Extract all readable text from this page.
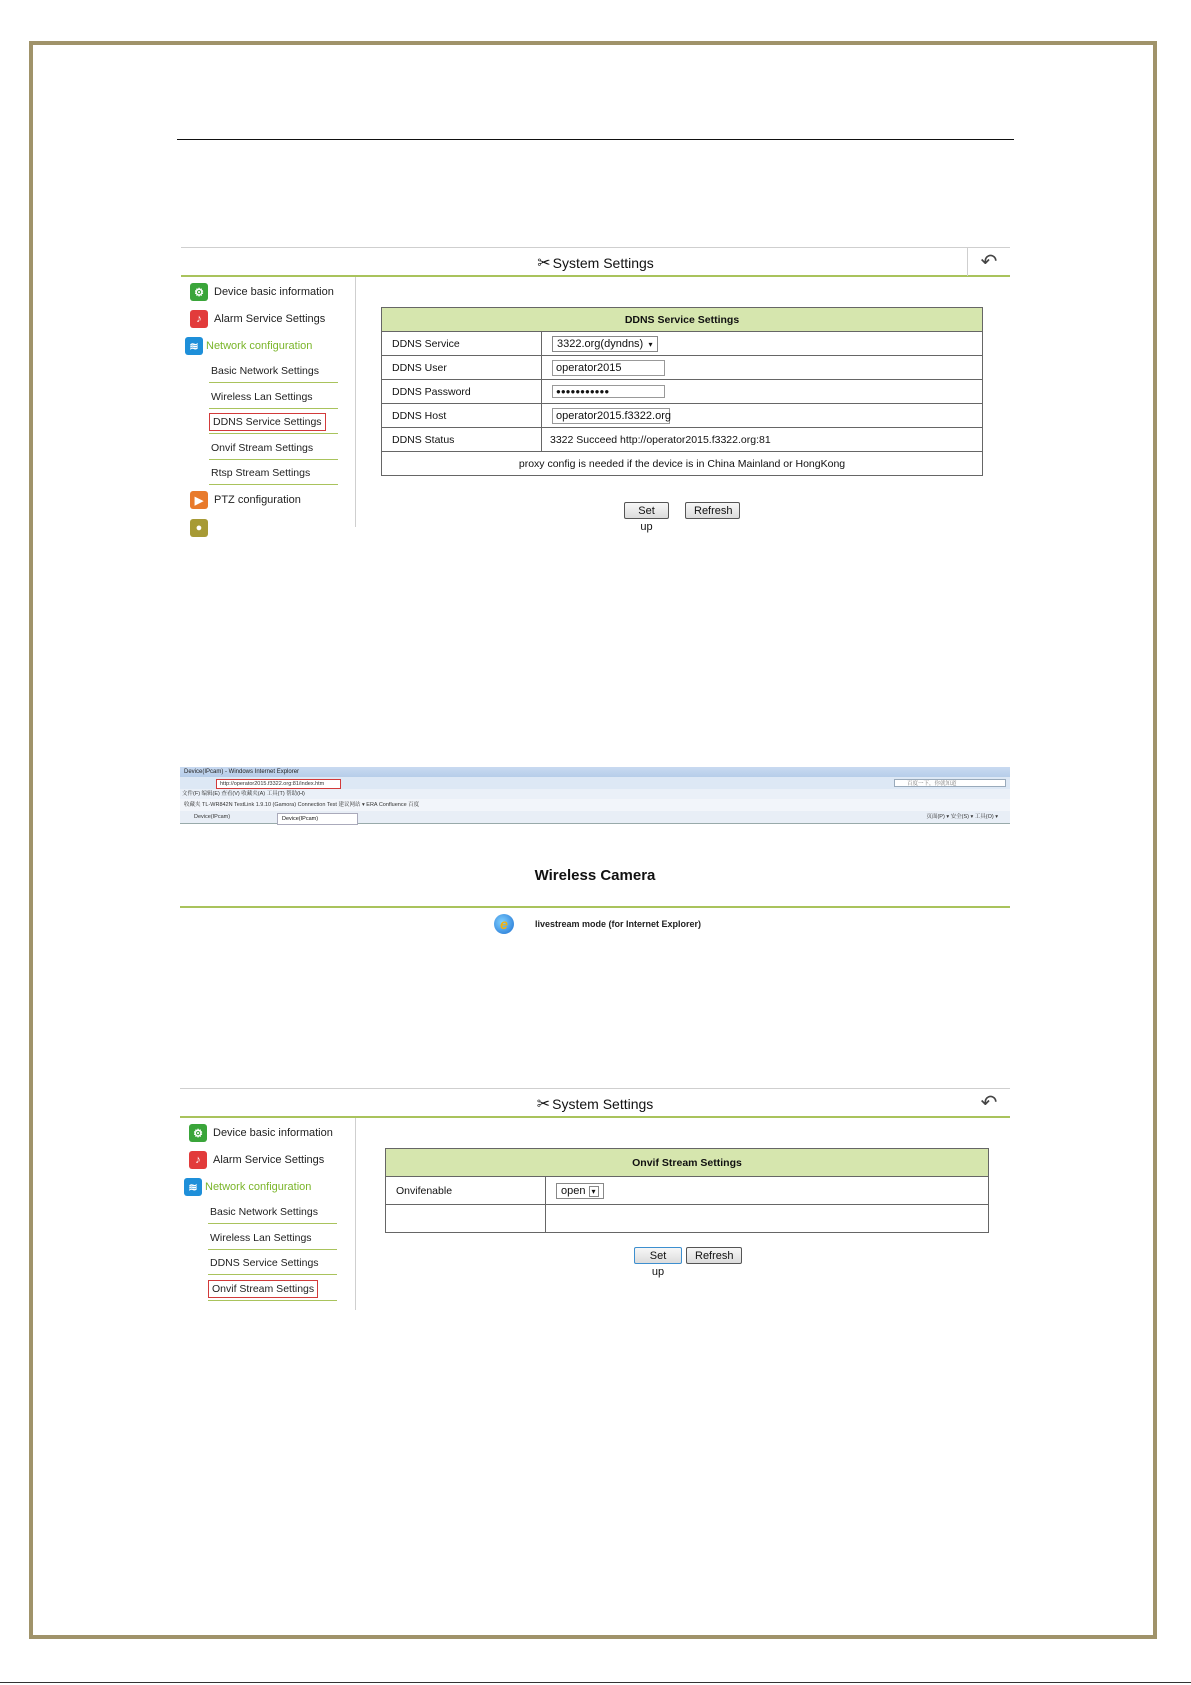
✂ System Settings	↶
⚙ Device basic information
♪	Alarm Service Settings
≋ Network configuration
Basic Network Settings
Wireless Lan Settings
DDNS Service Settings
Onvif Stream Settings
Rtsp Stream Settings
▶ PTZ configuration
●
DDNS Service Settings	
DDNS Service	3322.org(dyndns)  ▾
DDNS User	operator2015
DDNS Password	●●●●●●●●●●●
DDNS Host	operator2015.f3322.org
DDNS Status	3322 Succeed http://operator2015.f3322.org:81
proxy config is needed if the device is in China Mainland or HongKong	
Set up
Refresh
Device(IPcam) - Windows Internet Explorer
http://operator2015.f3322.org:81/index.htm	百度一下，你就知道
文件(F) 编辑(E) 查看(V) 收藏夹(A) 工具(T) 帮助(H)
收藏夹 TL-WR842N TestLink 1.9.10 (Gamora) Connection Test 建议网站 ▾ ERA Confluence 百度
Device(IPcam)	页面(P) ▾ 安全(S) ▾ 工具(O) ▾
Device(IPcam)
Wireless Camera
e	livestream mode (for Internet Explorer)
✂ System Settings	↶
⚙ Device basic information
♪	Alarm Service Settings
≋ Network configuration
Basic Network Settings
Wireless Lan Settings
DDNS Service Settings
Onvif Stream Settings
Onvif Stream Settings	
Onvifenable	open ▾

Set up
Refresh
